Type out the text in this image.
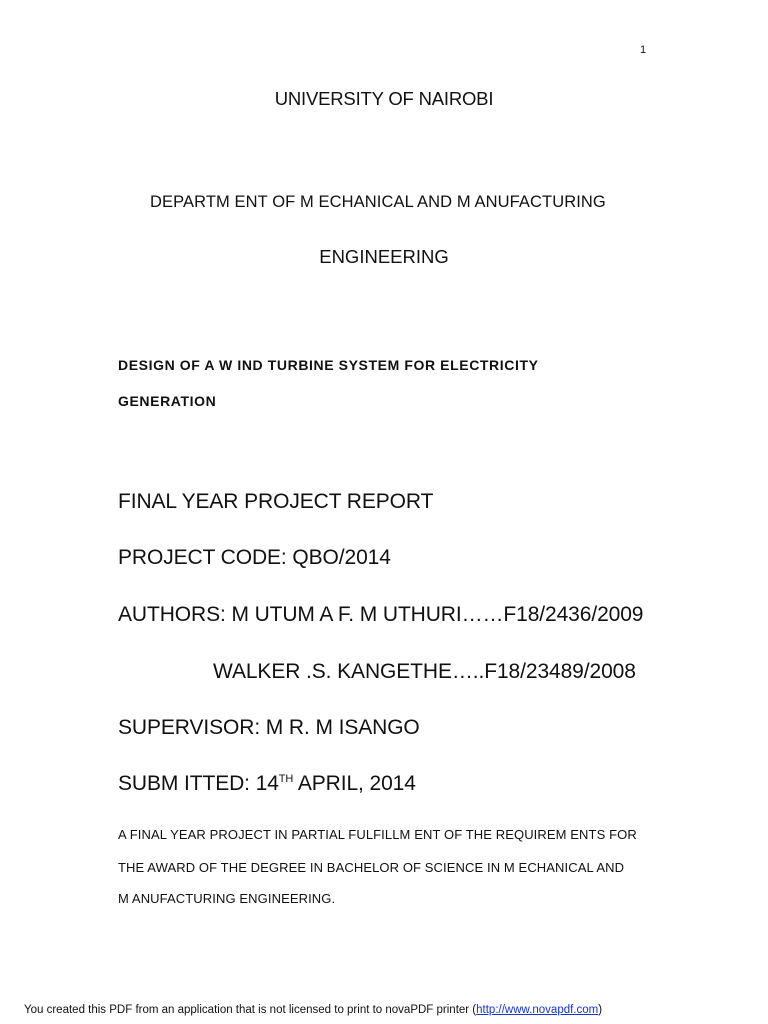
1
UNIVERSITY OF NAIROBI
DEPARTM ENT OF M ECHANICAL AND M ANUFACTURING
ENGINEERING
DESIGN OF A W IND TURBINE SYSTEM FOR ELECTRICITY
GENERATION
FINAL YEAR PROJECT REPORT
PROJECT CODE: QBO/2014
AUTHORS: M UTUM A F. M UTHURI……F18/2436/2009
WALKER .S. KANGETHE…..F18/23489/2008
SUPERVISOR: M R. M ISANGO
SUBM ITTED: 14TH APRIL, 2014
A FINAL YEAR PROJECT IN PARTIAL FULFILLM ENT OF THE REQUIREM ENTS FOR
THE AWARD OF THE DEGREE IN BACHELOR OF SCIENCE IN M ECHANICAL AND
M ANUFACTURING ENGINEERING.
You created this PDF from an application that is not licensed to print to novaPDF printer (http://www.novapdf.com)
